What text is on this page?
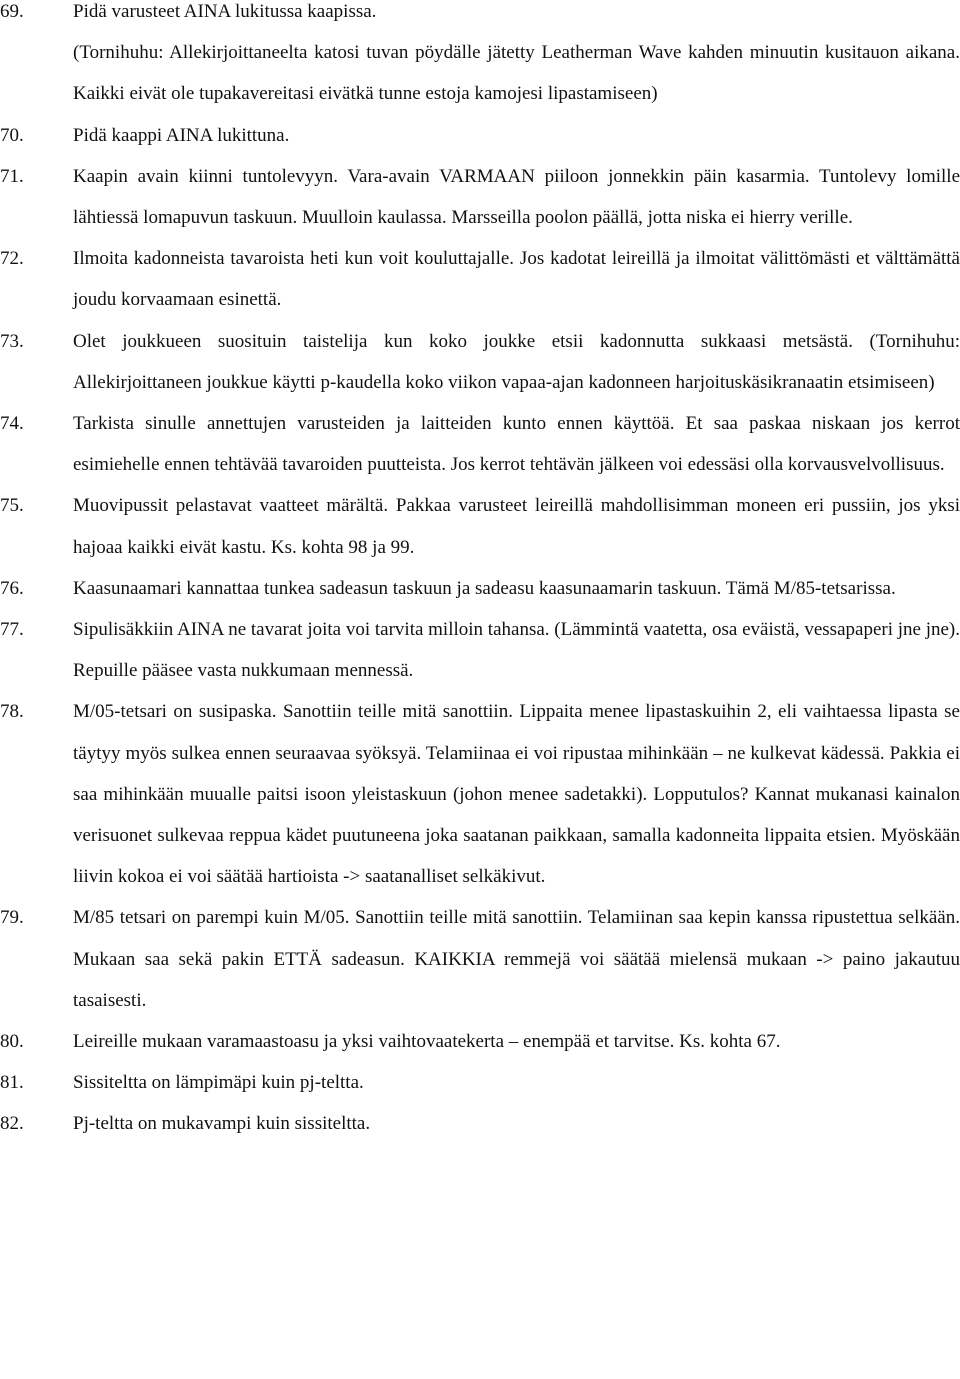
69.	Pidä varusteet AINA lukitussa kaapissa.

(Tornihuhu: Allekirjoittaneelta katosi tuvan pöydälle jätetty Leatherman Wave kahden minuutin kusitauon aikana. Kaikki eivät ole tupakavereitasi eivätkä tunne estoja kamojesi lipastamiseen)

70.	Pidä kaappi AINA lukittuna.

71.	Kaapin avain kiinni tuntolevyyn. Vara-avain VARMAAN piiloon jonnekkin päin kasarmia. Tuntolevy lomille lähtiessä lomapuvun taskuun. Muulloin kaulassa. Marsseilla poolon päällä, jotta niska ei hierry verille.

72.	Ilmoita kadonneista tavaroista heti kun voit kouluttajalle. Jos kadotat leireillä ja ilmoitat välittömästi et välttämättä joudu korvaamaan esinettä.

73.	Olet joukkueen suosituin taistelija kun koko joukke etsii kadonnutta sukkaasi metsästä. (Tornihuhu: Allekirjoittaneen joukkue käytti p-kaudella koko viikon vapaa-ajan kadonneen harjoituskäsikranaatin etsimiseen)

74.	Tarkista sinulle annettujen varusteiden ja laitteiden kunto ennen käyttöä. Et saa paskaa niskaan jos kerrot esimiehelle ennen tehtävää tavaroiden puutteista. Jos kerrot tehtävän jälkeen voi edessäsi olla korvausvelvollisuus.

75.	Muovipussit pelastavat vaatteet märältä. Pakkaa varusteet leireillä mahdollisimman moneen eri pussiin, jos yksi hajoaa kaikki eivät kastu. Ks. kohta 98 ja 99.

76.	Kaasunaamari kannattaa tunkea sadeasun taskuun ja sadeasu kaasunaamarin taskuun. Tämä M/85-tetsarissa.

77.	Sipulisäkkiin AINA ne tavarat joita voi tarvita milloin tahansa. (Lämmintä vaatetta, osa eväistä, vessapaperi jne jne). Repuille pääsee vasta nukkumaan mennessä.

78.	M/05-tetsari on susipaska. Sanottiin teille mitä sanottiin. Lippaita menee lipastaskuihin 2, eli vaihtaessa lipasta se täytyy myös sulkea ennen seuraavaa syöksyä. Telamiinaa ei voi ripustaa mihinkään – ne kulkevat kädessä. Pakkia ei saa mihinkään muualle paitsi isoon yleistaskuun (johon menee sadetakki). Lopputulos? Kannat mukanasi kainalon verisuonet sulkevaa reppua kädet puutuneena joka saatanan paikkaan, samalla kadonneita lippaita etsien. Myöskään liivin kokoa ei voi säätää hartioista -> saatanalliset selkäkivut.

79.	M/85 tetsari on parempi kuin M/05. Sanottiin teille mitä sanottiin. Telamiinan saa kepin kanssa ripustettua selkään. Mukaan saa sekä pakin ETTÄ sadeasun. KAIKKIA remmejä voi säätää mielensä mukaan -> paino jakautuu tasaisesti.

80.	Leireille mukaan varamaastoasu ja yksi vaihtovaatekerta – enempää et tarvitse. Ks. kohta 67.

81.	Sissiteltta on lämpimäpi kuin pj-teltta.

82.	Pj-teltta on mukavampi kuin sissiteltta.
